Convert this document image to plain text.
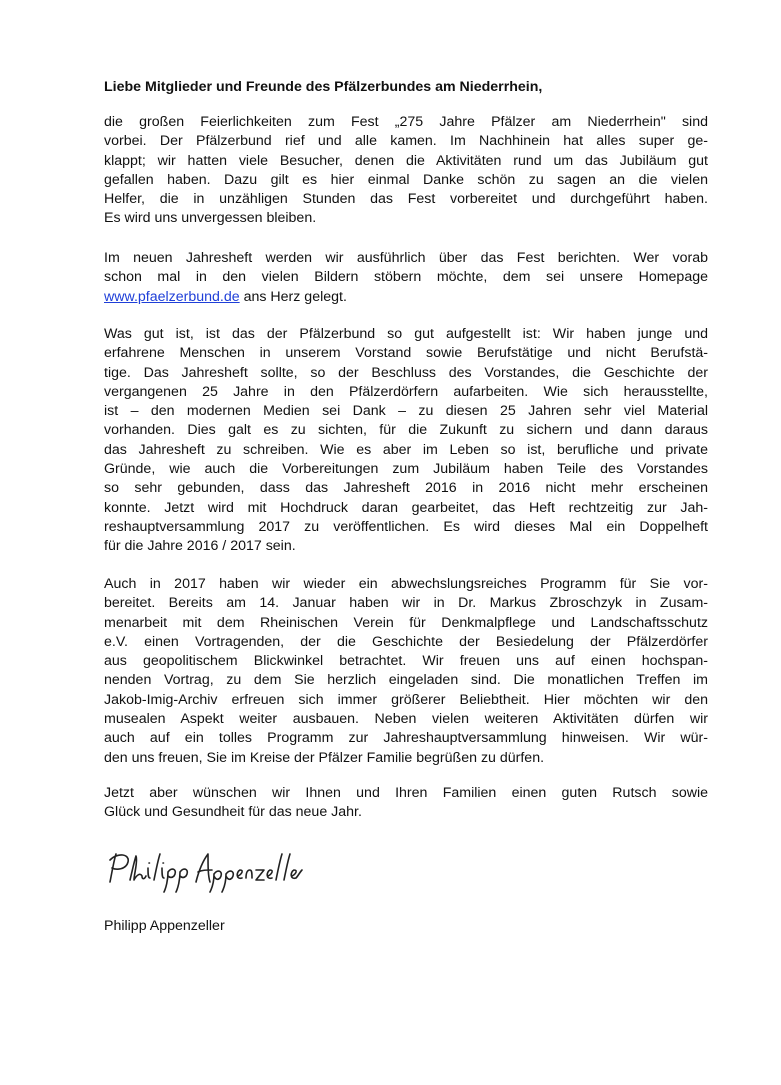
Liebe Mitglieder und Freunde des Pfälzerbundes am Niederrhein,
die großen Feierlichkeiten zum Fest „275 Jahre Pfälzer am Niederrhein" sind
vorbei. Der Pfälzerbund rief und alle kamen. Im Nachhinein hat alles super ge-
klappt; wir hatten viele Besucher, denen die Aktivitäten rund um das Jubiläum gut
gefallen haben. Dazu gilt es hier einmal Danke schön zu sagen an die vielen
Helfer, die in unzähligen Stunden das Fest vorbereitet und durchgeführt haben.
Es wird uns unvergessen bleiben.
Im neuen Jahresheft werden wir ausführlich über das Fest berichten. Wer vorab
schon mal in den vielen Bildern stöbern möchte, dem sei unsere Homepage
www.pfaelzerbund.de ans Herz gelegt.
Was gut ist, ist das der Pfälzerbund so gut aufgestellt ist: Wir haben junge und
erfahrene Menschen in unserem Vorstand sowie Berufstätige und nicht Berufstä-
tige. Das Jahresheft sollte, so der Beschluss des Vorstandes, die Geschichte der
vergangenen 25 Jahre in den Pfälzerdörfern aufarbeiten. Wie sich herausstellte,
ist – den modernen Medien sei Dank – zu diesen 25 Jahren sehr viel Material
vorhanden. Dies galt es zu sichten, für die Zukunft zu sichern und dann daraus
das Jahresheft zu schreiben. Wie es aber im Leben so ist, berufliche und private
Gründe, wie auch die Vorbereitungen zum Jubiläum haben Teile des Vorstandes
so sehr gebunden, dass das Jahresheft 2016 in 2016 nicht mehr erscheinen
konnte. Jetzt wird mit Hochdruck daran gearbeitet, das Heft rechtzeitig zur Jah-
reshauptversammlung 2017 zu veröffentlichen. Es wird dieses Mal ein Doppelheft
für die Jahre 2016 / 2017 sein.
Auch in 2017 haben wir wieder ein abwechslungsreiches Programm für Sie vor-
bereitet. Bereits am 14. Januar haben wir in Dr. Markus Zbroschzyk in Zusam-
menarbeit mit dem Rheinischen Verein für Denkmalpflege und Landschaftsschutz
e.V. einen Vortragenden, der die Geschichte der Besiedelung der Pfälzerdörfer
aus geopolitischem Blickwinkel betrachtet. Wir freuen uns auf einen hochspan-
nenden Vortrag, zu dem Sie herzlich eingeladen sind. Die monatlichen Treffen im
Jakob-Imig-Archiv erfreuen sich immer größerer Beliebtheit. Hier möchten wir den
musealen Aspekt weiter ausbauen. Neben vielen weiteren Aktivitäten dürfen wir
auch auf ein tolles Programm zur Jahreshauptversammlung hinweisen. Wir wür-
den uns freuen, Sie im Kreise der Pfälzer Familie begrüßen zu dürfen.
Jetzt aber wünschen wir Ihnen und Ihren Familien einen guten Rutsch sowie
Glück und Gesundheit für das neue Jahr.
Philipp Appenzeller
